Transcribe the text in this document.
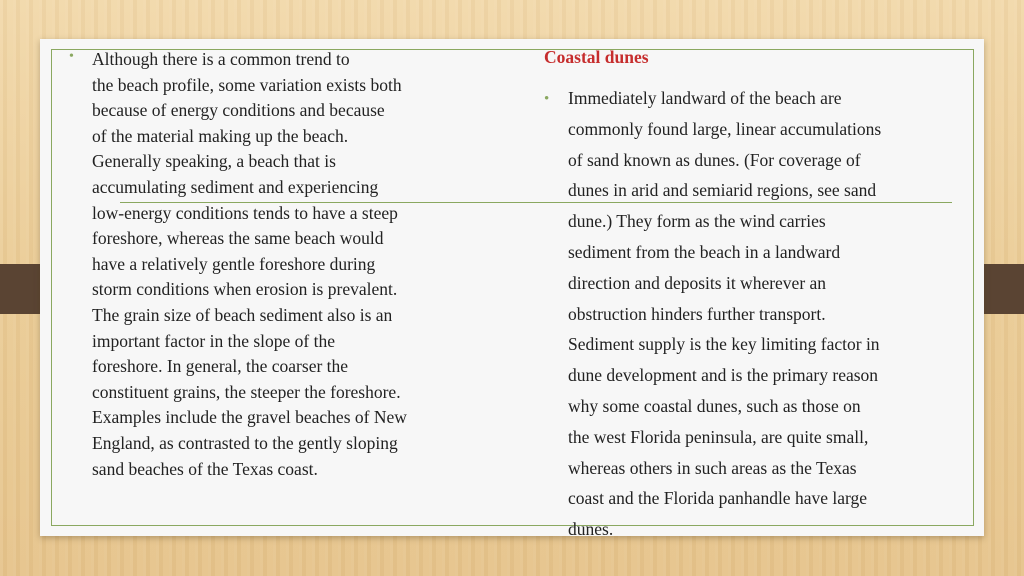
• Although there is a common trend to
the beach profile, some variation exists both
because of energy conditions and because
of the material making up the beach.
Generally speaking, a beach that is
accumulating sediment and experiencing
low-energy conditions tends to have a steep
foreshore, whereas the same beach would
have a relatively gentle foreshore during
storm conditions when erosion is prevalent.
The grain size of beach sediment also is an
important factor in the slope of the
foreshore. In general, the coarser the
constituent grains, the steeper the foreshore.
Examples include the gravel beaches of New
England, as contrasted to the gently sloping
sand beaches of the Texas coast.

Coastal dunes
• Immediately landward of the beach are
commonly found large, linear accumulations
of sand known as dunes. (For coverage of
dunes in arid and semiarid regions, see sand
dune.) They form as the wind carries
sediment from the beach in a landward
direction and deposits it wherever an
obstruction hinders further transport.
Sediment supply is the key limiting factor in
dune development and is the primary reason
why some coastal dunes, such as those on
the west Florida peninsula, are quite small,
whereas others in such areas as the Texas
coast and the Florida panhandle have large
dunes.
